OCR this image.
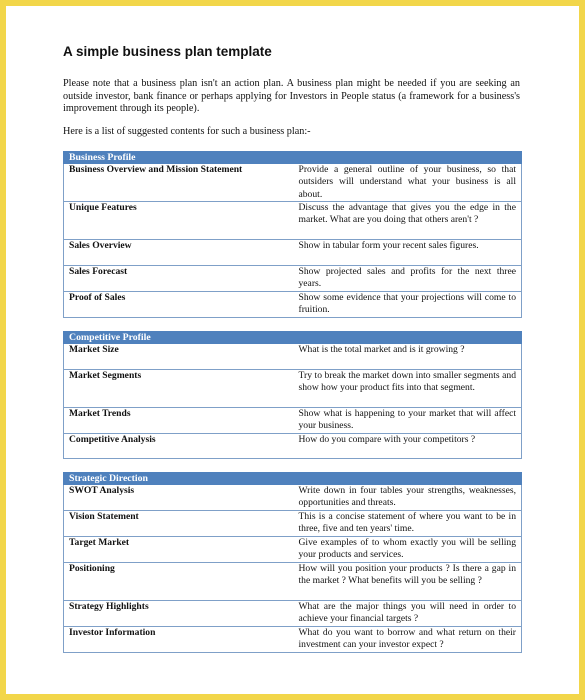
A simple business plan template

Please note that a business plan isn't an action plan. A business plan might be needed if you are seeking an outside investor, bank finance or perhaps applying for Investors in People status (a framework for a business's improvement through its people).

Here is a list of suggested contents for such a business plan:-

Business Profile	
Business Overview and Mission Statement	Provide a general outline of your business, so that outsiders will understand what your business is all about.
Unique Features	Discuss the advantage that gives you the edge in the market. What are you doing that others aren't ?
Sales Overview	Show in tabular form your recent sales figures.
Sales Forecast	Show projected sales and profits for the next three years.
Proof of Sales	Show some evidence that your projections will come to fruition.
Competitive Profile	
Market Size	What is the total market and is it growing ?
Market Segments	Try to break the market down into smaller segments and show how your product fits into that segment.
Market Trends	Show what is happening to your market that will affect your business.
Competitive Analysis	How do you compare with your competitors ?
Strategic Direction	
SWOT Analysis	Write down in four tables your strengths, weaknesses, opportunities and threats.
Vision Statement	This is a concise statement of where you want to be in three, five and ten years' time.
Target Market	Give examples of to whom exactly you will be selling your products and services.
Positioning	How will you position your products ? Is there a gap in the market ? What benefits will you be selling ?
Strategy Highlights	What are the major things you will need in order to achieve your financial targets ?
Investor Information	What do you want to borrow and what return on their investment can your investor expect ?
